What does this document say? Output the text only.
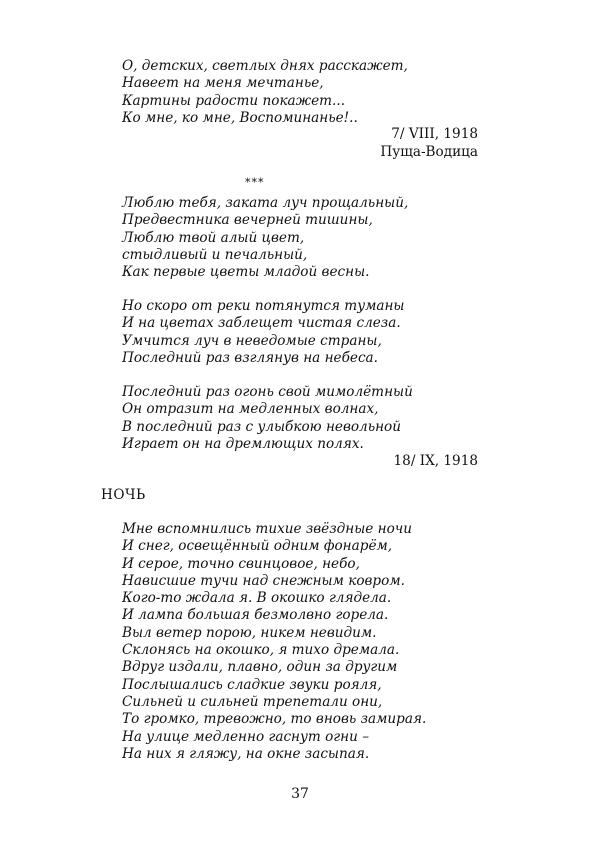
О, детских, светлых днях расскажет,
Навеет на меня мечтанье,
Картины радости покажет...
Ко мне, ко мне, Воспоминанье!..
7/ VIII, 1918
Пуща-Водица
***
Люблю тебя, заката луч прощальный,
Предвестника вечерней тишины,
Люблю твой алый цвет,
стыдливый и печальный,
Как первые цветы младой весны.
Но скоро от реки потянутся туманы
И на цветах заблещет чистая слеза.
Умчится луч в неведомые страны,
Последний раз взглянув на небеса.
Последний раз огонь свой мимолётный
Он отразит на медленных волнах,
В последний раз с улыбкою невольной
Играет он на дремлющих полях.
18/ IX, 1918
НОЧЬ
Мне вспомнились тихие звёздные ночи
И снег, освещённый одним фонарём,
И серое, точно свинцовое, небо,
Нависшие тучи над снежным ковром.
Кого-то ждала я. В окошко глядела.
И лампа большая безмолвно горела.
Выл ветер порою, никем невидим.
Склонясь на окошко, я тихо дремала.
Вдруг издали, плавно, один за другим
Послышались сладкие звуки рояля,
Сильней и сильней трепетали они,
То громко, тревожно, то вновь замирая.
На улице медленно гаснут огни –
На них я гляжу, на окне засыпая.
37
